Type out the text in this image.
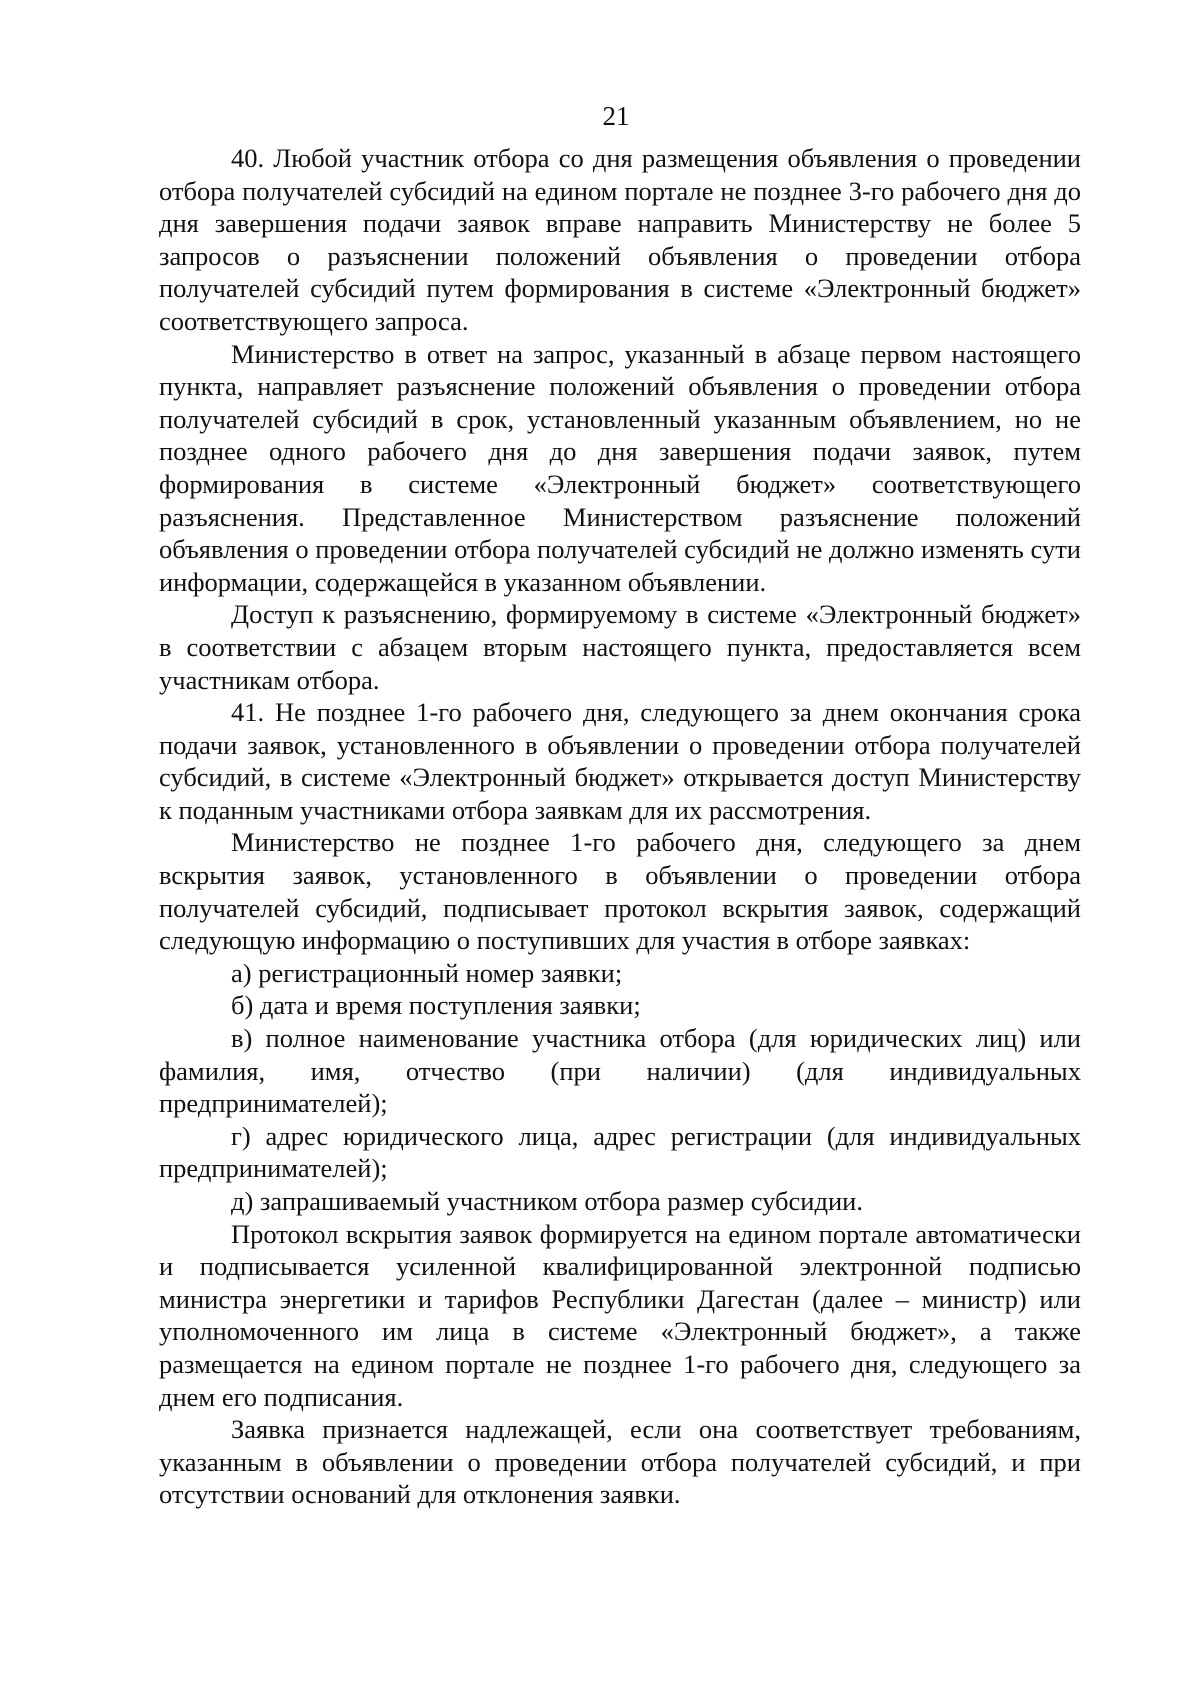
21

40. Любой участник отбора со дня размещения объявления о проведении отбора получателей субсидий на едином портале не позднее 3-го рабочего дня до дня завершения подачи заявок вправе направить Министерству не более 5 запросов о разъяснении положений объявления о проведении отбора получателей субсидий путем формирования в системе «Электронный бюджет» соответствующего запроса.

Министерство в ответ на запрос, указанный в абзаце первом настоящего пункта, направляет разъяснение положений объявления о проведении отбора получателей субсидий в срок, установленный указанным объявлением, но не позднее одного рабочего дня до дня завершения подачи заявок, путем формирования в системе «Электронный бюджет» соответствующего разъяснения. Представленное Министерством разъяснение положений объявления о проведении отбора получателей субсидий не должно изменять сути информации, содержащейся в указанном объявлении.

Доступ к разъяснению, формируемому в системе «Электронный бюджет» в соответствии с абзацем вторым настоящего пункта, предоставляется всем участникам отбора.

41. Не позднее 1-го рабочего дня, следующего за днем окончания срока подачи заявок, установленного в объявлении о проведении отбора получателей субсидий, в системе «Электронный бюджет» открывается доступ Министерству к поданным участниками отбора заявкам для их рассмотрения.

Министерство не позднее 1-го рабочего дня, следующего за днем вскрытия заявок, установленного в объявлении о проведении отбора получателей субсидий, подписывает протокол вскрытия заявок, содержащий следующую информацию о поступивших для участия в отборе заявках:

а) регистрационный номер заявки;

б) дата и время поступления заявки;

в) полное наименование участника отбора (для юридических лиц) или фамилия, имя, отчество (при наличии) (для индивидуальных предпринимателей);

г) адрес юридического лица, адрес регистрации (для индивидуальных предпринимателей);

д) запрашиваемый участником отбора размер субсидии.

Протокол вскрытия заявок формируется на едином портале автоматически и подписывается усиленной квалифицированной электронной подписью министра энергетики и тарифов Республики Дагестан (далее – министр) или уполномоченного им лица в системе «Электронный бюджет», а также размещается на едином портале не позднее 1-го рабочего дня, следующего за днем его подписания.

Заявка признается надлежащей, если она соответствует требованиям, указанным в объявлении о проведении отбора получателей субсидий, и при отсутствии оснований для отклонения заявки.
